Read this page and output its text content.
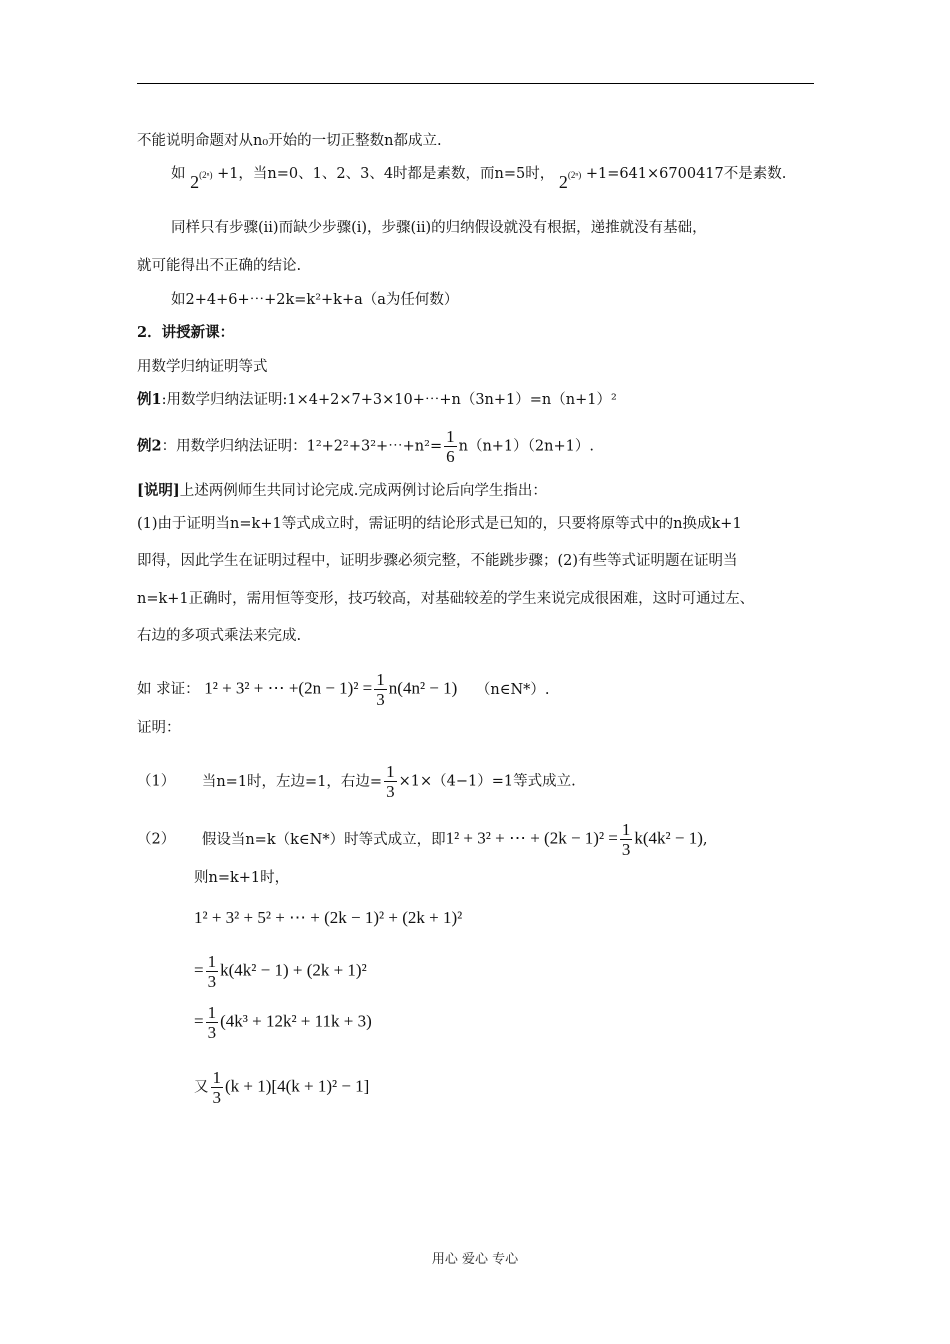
不能说明命题对从n₀开始的一切正整数n都成立.
如 $2^{(2^n)} +1$，当n=0、1、2、3、4时都是素数，而n=5时， $2^{(2^n)} +1=641\times 6700417$不是素数.
同样只有步骤(ii)而缺少步骤(i)，步骤(ii)的归纳假设就没有根据，递推就没有基础，
就可能得出不正确的结论.
如2+4+6+⋯+2k=k²+k+a（a为任何数）
2．讲授新课：
用数学归纳证明等式
例1:用数学归纳法证明:1×4+2×7+3×10+⋯+n（3n+1）=n（n+1）²
例2：用数学归纳法证明：1²+2²+3²+⋯+n²= $\frac{1}{6} n(n+1)(2n+1)$.
[说明]上述两例师生共同讨论完成.完成两例讨论后向学生指出：
(1)由于证明当n=k+1等式成立时，需证明的结论形式是已知的，只要将原等式中的n换成k+1
即得，因此学生在证明过程中，证明步骤必须完整，不能跳步骤；(2)有些等式证明题在证明当
n=k+1正确时，需用恒等变形，技巧较高，对基础较差的学生来说完成很困难，这时可通过左、
右边的多项式乘法来完成.
如 求证： 1² + 3² + ⋯ $+(2n - 1)^2 = \frac{1}{3} n(4n^2 - 1)$ （n∈N*）.
证明：
（1） 当n=1时，左边=1，右边= $\frac{1}{3} \times 1\times(4-1)=1$等式成立.
（2） 假设当n=k（k∈N*）时等式成立，即1² + 3² + ⋯ + $(2k - 1)^2 = \frac{1}{3} k(4k^2 - 1)$,
则n=k+1时，
1² + 3² + 5² + ⋯ + (2k − 1)² + (2k + 1)²
= $\frac{1}{3} k(4k^2 - 1) + (2k + 1)^2$
= $\frac{1}{3} (4k^3 + 12k^2 + 11k + 3)$
又 $\frac{1}{3} (k + 1)[4(k + 1)^2 - 1]$
用心 爱心 专心
